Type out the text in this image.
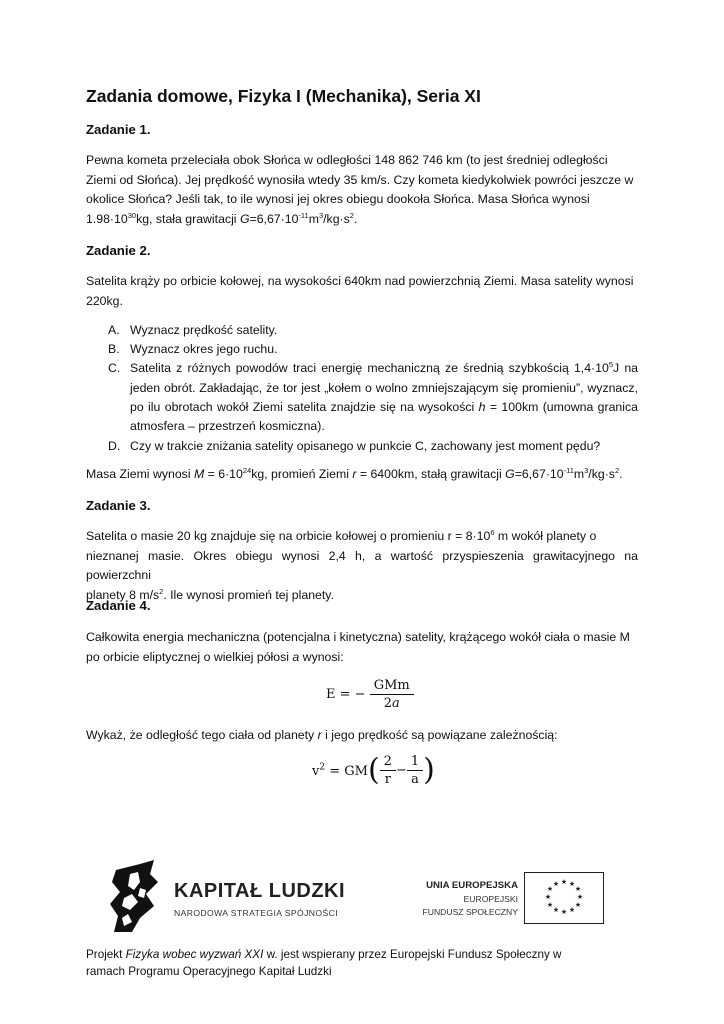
Zadania domowe, Fizyka I (Mechanika), Seria XI
Zadanie 1.
Pewna kometa przeleciała obok Słońca w odległości 148 862 746 km (to jest średniej odległości
Ziemi od Słońca). Jej prędkość wynosiła wtedy 35 km/s. Czy kometa kiedykolwiek powróci jeszcze w
okolice Słońca? Jeśli tak, to ile wynosi jej okres obiegu dookoła Słońca. Masa Słońca wynosi
$1.98\cdot 10^{30}kg$, stała grawitacji $G=6,67\cdot 10^{-11}m^3/kg\cdot s^2$.
Zadanie 2.
Satelita krąży po orbicie kołowej, na wysokości 640km nad powierzchnią Ziemi. Masa satelity wynosi
220kg.
A. Wyznacz prędkość satelity.
B. Wyznacz okres jego ruchu.
C. Satelita z różnych powodów traci energię mechaniczną ze średnią szybkością $1,4\cdot 10^5J$ na jeden obrót. Zakładając, że tor jest „kołem o wolno zmniejszającym się promieniu”, wyznacz, po ilu obrotach wokół Ziemi satelita znajdzie się na wysokości h = 100km (umowna granica atmosfera – przestrzeń kosmiczna).
D. Czy w trakcie zniżania satelity opisanego w punkcie C, zachowany jest moment pędu?
Masa Ziemi wynosi $M = 6\cdot 10^{24}kg$, promień Ziemi r = 6400km, stałą grawitacji $G=6,67\cdot 10^{-11}m^3/kg\cdot s^2$.
Zadanie 3.
Satelita o masie 20 kg znajduje się na orbicie kołowej o promieniu $r = 8\cdot 10^6$ m wokół planety o
nieznanej masie. Okres obiegu wynosi 2,4 h, a wartość przyspieszenia grawitacyjnego na powierzchni
planety 8 $m/s^2$. Ile wynosi promień tej planety.
Zadanie 4.
Całkowita energia mechaniczna (potencjalna i kinetyczna) satelity, krążącego wokół ciała o masie M
po orbicie eliptycznej o wielkiej półosi a wynosi:
E = − $\frac{\text{GMm}}{\text{2𝑎}}$
Wykaż, że odległość tego ciała od planety r i jego prędkość są powiązane zależnością:
$v^2 = GM( \frac{2}{r} - \frac{1}{a}$ )
KAPITAŁ LUDZKI
NARODOWA STRATEGIA SPÓJNOŚCI
UNIA EUROPEJSKA
EUROPEJSKI
FUNDUSZ SPOŁECZNY
★ ★
★
★
★
★
★
★
★
★
★
★
Projekt Fizyka wobec wyzwań XXI w. jest wspierany przez Europejski Fundusz Społeczny w
ramach Programu Operacyjnego Kapitał Ludzki
